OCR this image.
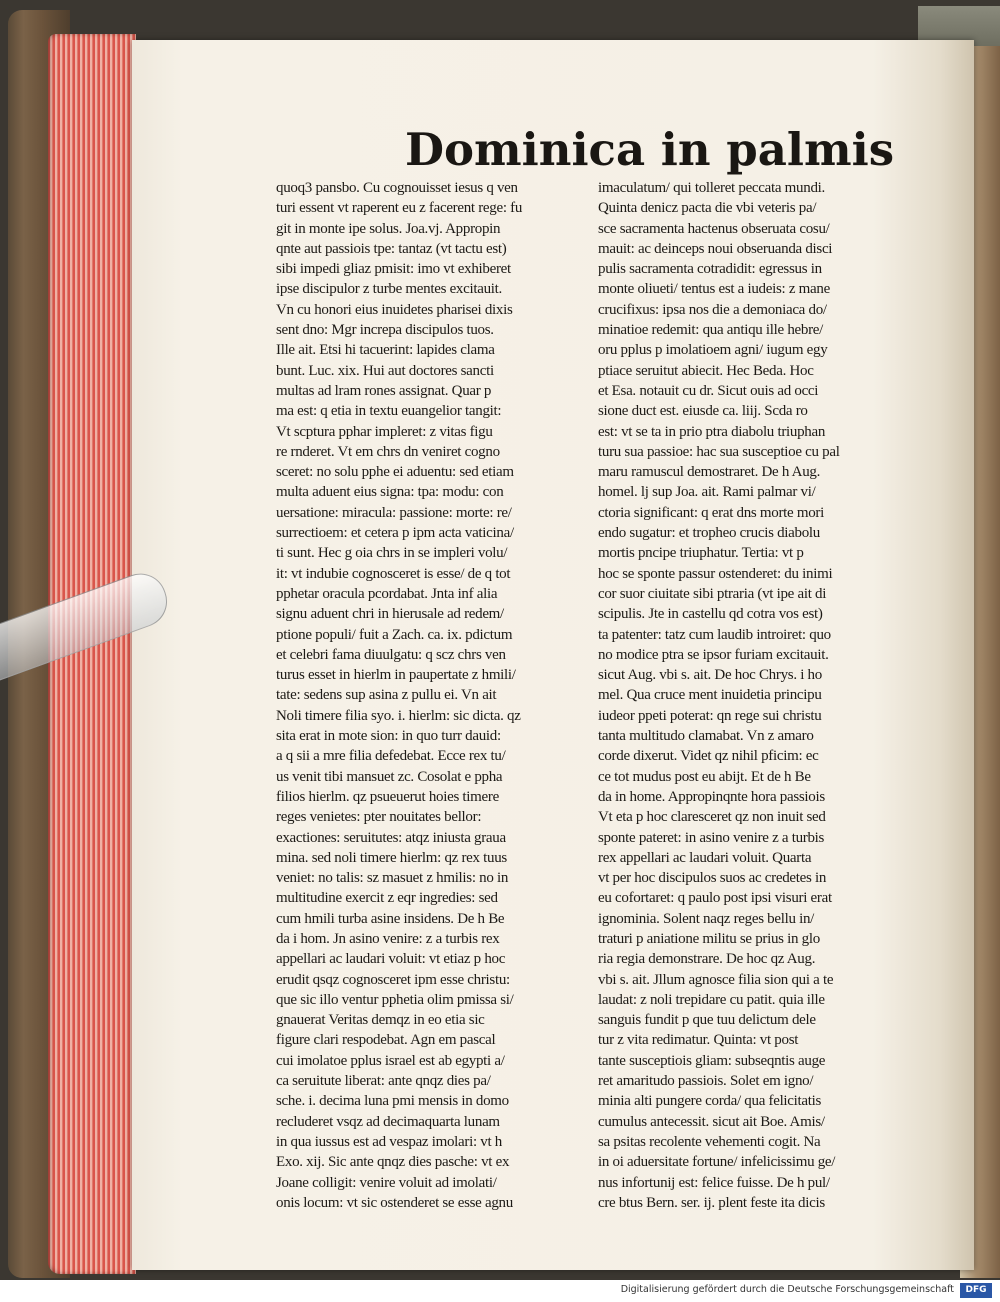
Dominica in palmis
quoq3 pansbo. Cu cognouisset iesus q ven
turi essent vt raperent eu z facerent rege: fu
git in monte ipe solus. Joa.vj. Appropin
qnte aut passiois tpe: tantaz (vt tactu est)
sibi impedi gliaz pmisit: imo vt exhiberet
ipse discipulor z turbe mentes excitauit.
Vn cu honori eius inuidetes pharisei dixis
sent dno: Mgr increpa discipulos tuos.
Ille ait. Etsi hi tacuerint: lapides clama
bunt. Luc. xix. Hui aut doctores sancti
multas ad lram rones assignat. Quar p
ma est: q etia in textu euangelior tangit:
Vt scptura pphar impleret: z vitas figu
re rnderet. Vt em chrs dn veniret cogno
sceret: no solu pphe ei aduentu: sed etiam
multa aduent eius signa: tpa: modu: con
uersatione: miracula: passione: morte: re/
surrectioem: et cetera p ipm acta vaticina/
ti sunt. Hec g oia chrs in se impleri volu/
it: vt indubie cognosceret is esse/ de q tot
pphetar oracula pcordabat. Jnta inf alia
signu aduent chri in hierusale ad redem/
ptione populi/ fuit a Zach. ca. ix. pdictum
et celebri fama diuulgatu: q scz chrs ven
turus esset in hierlm in paupertate z hmili/
tate: sedens sup asina z pullu ei. Vn ait
Noli timere filia syo. i. hierlm: sic dicta. qz
sita erat in mote sion: in quo turr dauid:
a q sii a mre filia defedebat. Ecce rex tu/
us venit tibi mansuet zc. Cosolat e ppha
filios hierlm. qz psueuerut hoies timere
reges venietes: pter nouitates bellor:
exactiones: seruitutes: atqz iniusta graua
mina. sed noli timere hierlm: qz rex tuus
veniet: no talis: sz masuet z hmilis: no in
multitudine exercit z eqr ingredies: sed
cum hmili turba asine insidens. De h Be
da i hom. Jn asino venire: z a turbis rex
appellari ac laudari voluit: vt etiaz p hoc
erudit qsqz cognosceret ipm esse christu:
que sic illo ventur pphetia olim pmissa si/
gnauerat Veritas demqz in eo etia sic
figure clari respodebat. Agn em pascal
cui imolatoe pplus israel est ab egypti a/
ca seruitute liberat: ante qnqz dies pa/
sche. i. decima luna pmi mensis in domo
recluderet vsqz ad decimaquarta lunam
in qua iussus est ad vespaz imolari: vt h
Exo. xij. Sic ante qnqz dies pasche: vt ex
Joane colligit: venire voluit ad imolati/
onis locum: vt sic ostenderet se esse agnu
imaculatum/ qui tolleret peccata mundi.
Quinta denicz pacta die vbi veteris pa/
sce sacramenta hactenus obseruata cosu/
mauit: ac deinceps noui obseruanda disci
pulis sacramenta cotradidit: egressus in
monte oliueti/ tentus est a iudeis: z mane
crucifixus: ipsa nos die a demoniaca do/
minatioe redemit: qua antiqu ille hebre/
oru pplus p imolatioem agni/ iugum egy
ptiace seruitut abiecit. Hec Beda. Hoc
et Esa. notauit cu dr. Sicut ouis ad occi
sione duct est. eiusde ca. liij. Scda ro
est: vt se ta in prio ptra diabolu triuphan
turu sua passioe: hac sua susceptioe cu pal
maru ramuscul demostraret. De h Aug.
homel. lj sup Joa. ait. Rami palmar vi/
ctoria significant: q erat dns morte mori
endo sugatur: et tropheo crucis diabolu
mortis pncipe triuphatur. Tertia: vt p
hoc se sponte passur ostenderet: du inimi
cor suor ciuitate sibi ptraria (vt ipe ait di
scipulis. Jte in castellu qd cotra vos est)
ta patenter: tatz cum laudib introiret: quo
no modice ptra se ipsor furiam excitauit.
sicut Aug. vbi s. ait. De hoc Chrys. i ho
mel. Qua cruce ment inuidetia principu
iudeor ppeti poterat: qn rege sui christu
tanta multitudo clamabat. Vn z amaro
corde dixerut. Videt qz nihil pficim: ec
ce tot mudus post eu abijt. Et de h Be
da in home. Appropinqnte hora passiois
Vt eta p hoc claresceret qz non inuit sed
sponte pateret: in asino venire z a turbis
rex appellari ac laudari voluit. Quarta
vt per hoc discipulos suos ac credetes in
eu cofortaret: q paulo post ipsi visuri erat
ignominia. Solent naqz reges bellu in/
traturi p aniatione militu se prius in glo
ria regia demonstrare. De hoc qz Aug.
vbi s. ait. Jllum agnosce filia sion qui a te
laudat: z noli trepidare cu patit. quia ille
sanguis fundit p que tuu delictum dele
tur z vita redimatur. Quinta: vt post
tante susceptiois gliam: subseqntis auge
ret amaritudo passiois. Solet em igno/
minia alti pungere corda/ qua felicitatis
cumulus antecessit. sicut ait Boe. Amis/
sa psitas recolente vehementi cogit. Na
in oi aduersitate fortune/ infelicissimu ge/
nus infortunij est: felice fuisse. De h pul/
cre btus Bern. ser. ij. plent feste ita dicis
Digitalisierung gefördert durch die Deutsche Forschungsgemeinschaft	DFG
